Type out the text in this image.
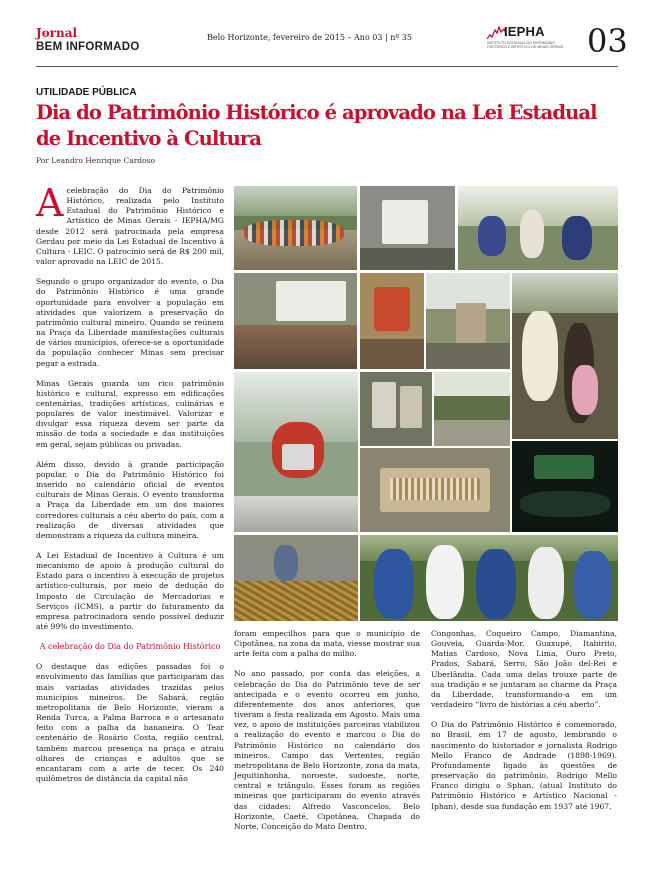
Jornal
BEM INFORMADO
Belo Horizonte, fevereiro de 2015 – Ano 03 | nº 35	IEPHA
INSTITUTO ESTADUAL DO PATRIMÔNIO HISTÓRICO E ARTÍSTICO DE MINAS GERAIS 03
UTILIDADE PÚBLICA
Dia do Patrimônio Histórico é aprovado na Lei Estadual de Incentivo à Cultura
Por Leandro Henrique Cardoso

Acelebração do Dia do Patrimônio Histórico, realizada pelo Instituto Estadual do Patrimônio Histórico e Artístico de Minas Gerais - IEPHA/MG desde 2012 será patrocinada pela empresa Gerdau por meio da Lei Estadual de Incentivo à Cultura - LEIC. O patrocínio será de R$ 200 mil, valor aprovado na LEIC de 2015.

Segundo o grupo organizador do evento, o Dia do Patrimônio Histórico é uma grande oportunidade para envolver a população em atividades que valorizem a preservação do patrimônio cultural mineiro. Quando se reúnem na Praça da Liberdade manifestações culturais de vários municípios, oferece-se a oportunidade da população conhecer Minas sem precisar pegar a estrada.

Minas Gerais guarda um rico patrimônio histórico e cultural, expresso em edificações centenárias, tradições artísticas, culinárias e populares de valor inestimável. Valorizar e divulgar essa riqueza devem ser parte da missão de toda a sociedade e das instituições em geral, sejam públicas ou privadas.

Além disso, devido à grande participação popular, o Dia do Patrimônio Histórico foi inserido no calendário oficial de eventos culturais de Minas Gerais. O evento transforma a Praça da Liberdade em um dos maiores corredores culturais a céu aberto do país, com a realização de diversas atividades que demonstram a riqueza da cultura mineira.

A Lei Estadual de Incentivo à Cultura é um mecanismo de apoio à produção cultural do Estado para o incentivo à execução de projetos artístico-culturais, por meio de dedução do Imposto de Circulação de Mercadorias e Serviços (ICMS), a partir do faturamento da empresa patrocinadora sendo possível deduzir até 99% do investimento.

A celebração do Dia do Patrimônio Histórico

O destaque das edições passadas foi o envolvimento das famílias que participaram das mais variadas atividades trazidas pelos municípios mineiros. De Sabará, região metropolitana de Belo Horizonte, vieram a Renda Turca, a Palma Barroca e o artesanato feito com a palha da bananeira. O Tear centenário de Rosário Costa, região central, também marcou presença na praça e atraiu olhares de crianças e adultos que se encantaram com a arte de tecer. Os 240 quilômetros de distância da capital não

foram empecilhos para que o município de Cipotânea, na zona da mata, viesse mostrar sua arte feita com a palha do milho.

No ano passado, por conta das eleições, a celebração do Dia do Patrimônio teve de ser antecipada e o evento ocorreu em junho, diferentemente dos anos anteriores, que tiveram a festa realizada em Agosto. Mais uma vez, o apoio de instituições parceiras viabilizou a realização do evento e marcou o Dia do Patrimônio Histórico no calendário dos mineiros. Campo das Vertentes, região metropolitana de Belo Horizonte, zona da mata, Jequitinhonha, noroeste, sudoeste, norte, central e triângulo. Esses foram as regiões mineiras que participaram do evento através das cidades: Alfredo Vasconcelos, Belo Horizonte, Caeté, Cipotânea, Chapada do Norte, Conceição do Mato Dentro,

Congonhas, Coqueiro Campo, Diamantina, Gouveia, Guarda-Mor, Guaxupé, Itabirito, Matias Cardoso, Nova Lima, Ouro Preto, Prados, Sabará, Serro, São João del-Rei e Uberlândia. Cada uma delas trouxe parte de sua tradição e se juntaram ao charme da Praça da Liberdade, transformando-a em um verdadeiro “livro de histórias a céu aberto”.

O Dia do Patrimônio Histórico é comemorado, no Brasil, em 17 de agosto, lembrando o nascimento do historiador e jornalista Rodrigo Mello Franco de Andrade (1898-1969). Profundamente ligado às questões de preservação do patrimônio, Rodrigo Mello Franco dirigiu o Sphan, (atual Instituto do Patrimônio Histórico e Artístico Nacional - Iphan), desde sua fundação em 1937 até 1967.
